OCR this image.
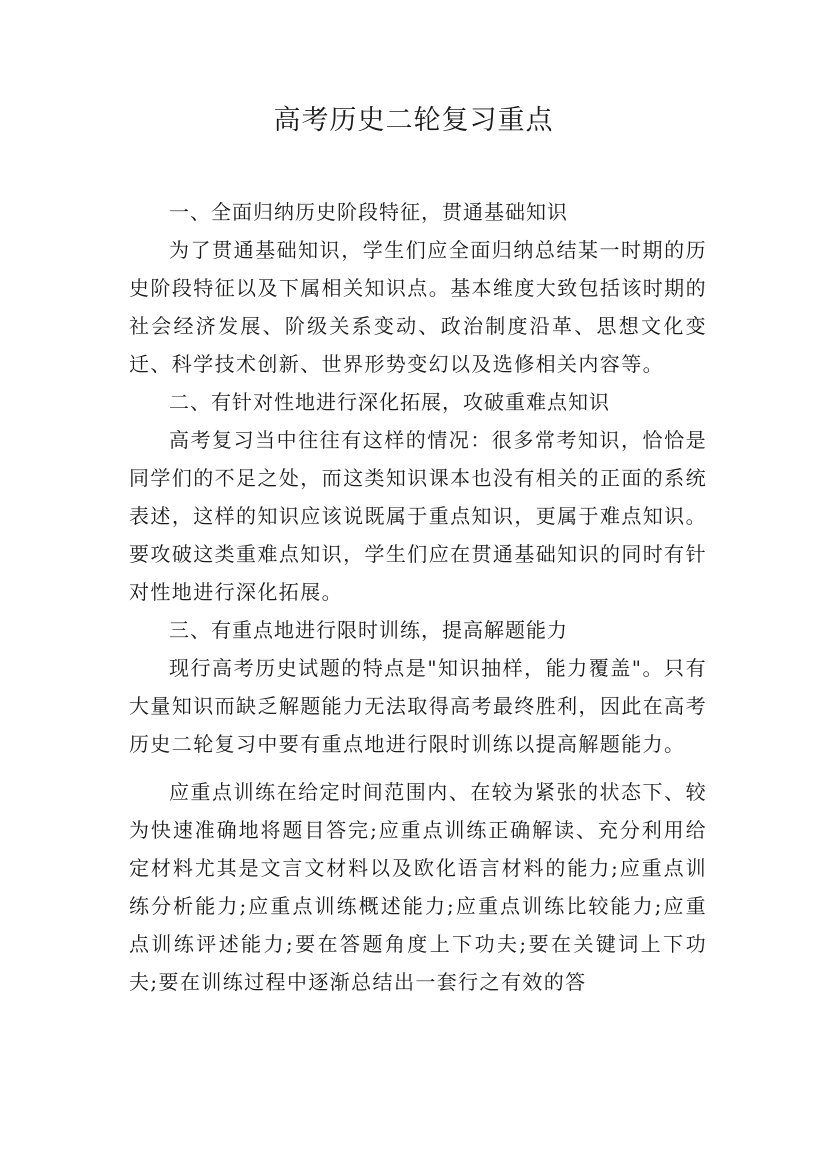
高考历史二轮复习重点

一、全面归纳历史阶段特征，贯通基础知识

为了贯通基础知识，学生们应全面归纳总结某一时期的历史阶段特征以及下属相关知识点。基本维度大致包括该时期的社会经济发展、阶级关系变动、政治制度沿革、思想文化变迁、科学技术创新、世界形势变幻以及选修相关内容等。

二、有针对性地进行深化拓展，攻破重难点知识

高考复习当中往往有这样的情况：很多常考知识，恰恰是同学们的不足之处，而这类知识课本也没有相关的正面的系统表述，这样的知识应该说既属于重点知识，更属于难点知识。要攻破这类重难点知识，学生们应在贯通基础知识的同时有针对性地进行深化拓展。

三、有重点地进行限时训练，提高解题能力

现行高考历史试题的特点是"知识抽样，能力覆盖"。只有大量知识而缺乏解题能力无法取得高考最终胜利，因此在高考历史二轮复习中要有重点地进行限时训练以提高解题能力。

应重点训练在给定时间范围内、在较为紧张的状态下、较为快速准确地将题目答完;应重点训练正确解读、充分利用给定材料尤其是文言文材料以及欧化语言材料的能力;应重点训练分析能力;应重点训练概述能力;应重点训练比较能力;应重点训练评述能力;要在答题角度上下功夫;要在关键词上下功夫;要在训练过程中逐渐总结出一套行之有效的答
